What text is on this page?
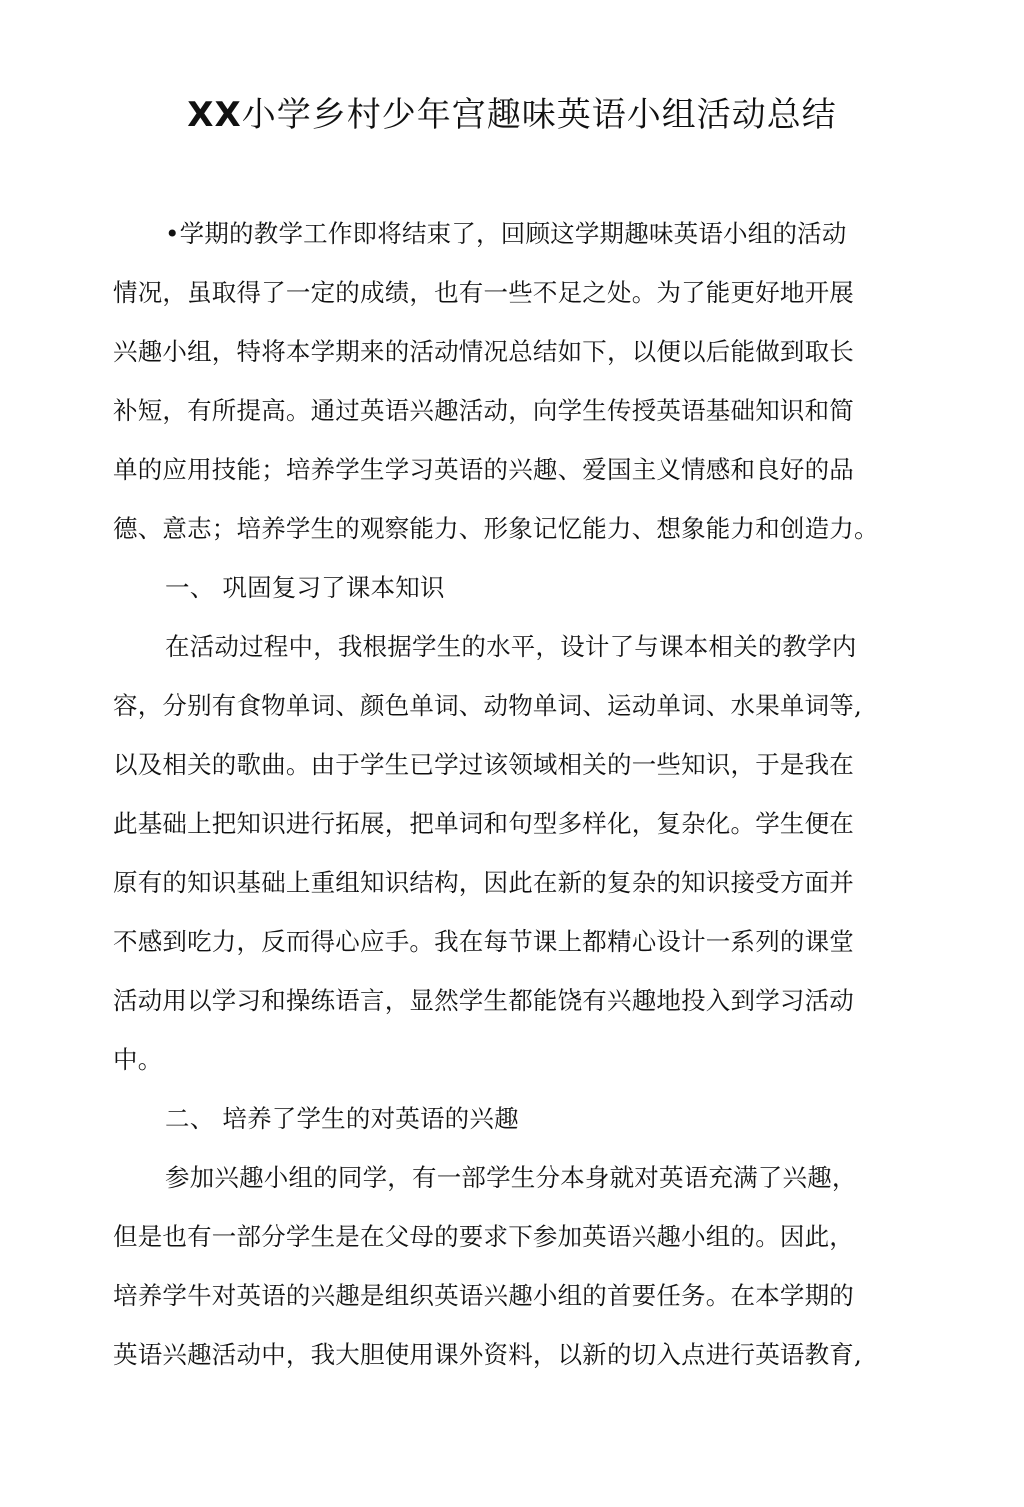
XX小学乡村少年宫趣味英语小组活动总结
•学期的教学工作即将结束了，回顾这学期趣味英语小组的活动
情况，虽取得了一定的成绩，也有一些不足之处。为了能更好地开展
兴趣小组，特将本学期来的活动情况总结如下，以便以后能做到取长
补短，有所提高。通过英语兴趣活动，向学生传授英语基础知识和简
单的应用技能；培养学生学习英语的兴趣、爱国主义情感和良好的品
德、意志；培养学生的观察能力、形象记忆能力、想象能力和创造力。
一、 巩固复习了课本知识
在活动过程中，我根据学生的水平，设计了与课本相关的教学内
容，分别有食物单词、颜色单词、动物单词、运动单词、水果单词等,
以及相关的歌曲。由于学生已学过该领域相关的一些知识，于是我在
此基础上把知识进行拓展，把单词和句型多样化，复杂化。学生便在
原有的知识基础上重组知识结构，因此在新的复杂的知识接受方面并
不感到吃力，反而得心应手。我在每节课上都精心设计一系列的课堂
活动用以学习和操练语言，显然学生都能饶有兴趣地投入到学习活动
中。
二、 培养了学生的对英语的兴趣
参加兴趣小组的同学，有一部学生分本身就对英语充满了兴趣，
但是也有一部分学生是在父母的要求下参加英语兴趣小组的。因此，
培养学牛对英语的兴趣是组织英语兴趣小组的首要任务。在本学期的
英语兴趣活动中，我大胆使用课外资料，以新的切入点进行英语教育,
